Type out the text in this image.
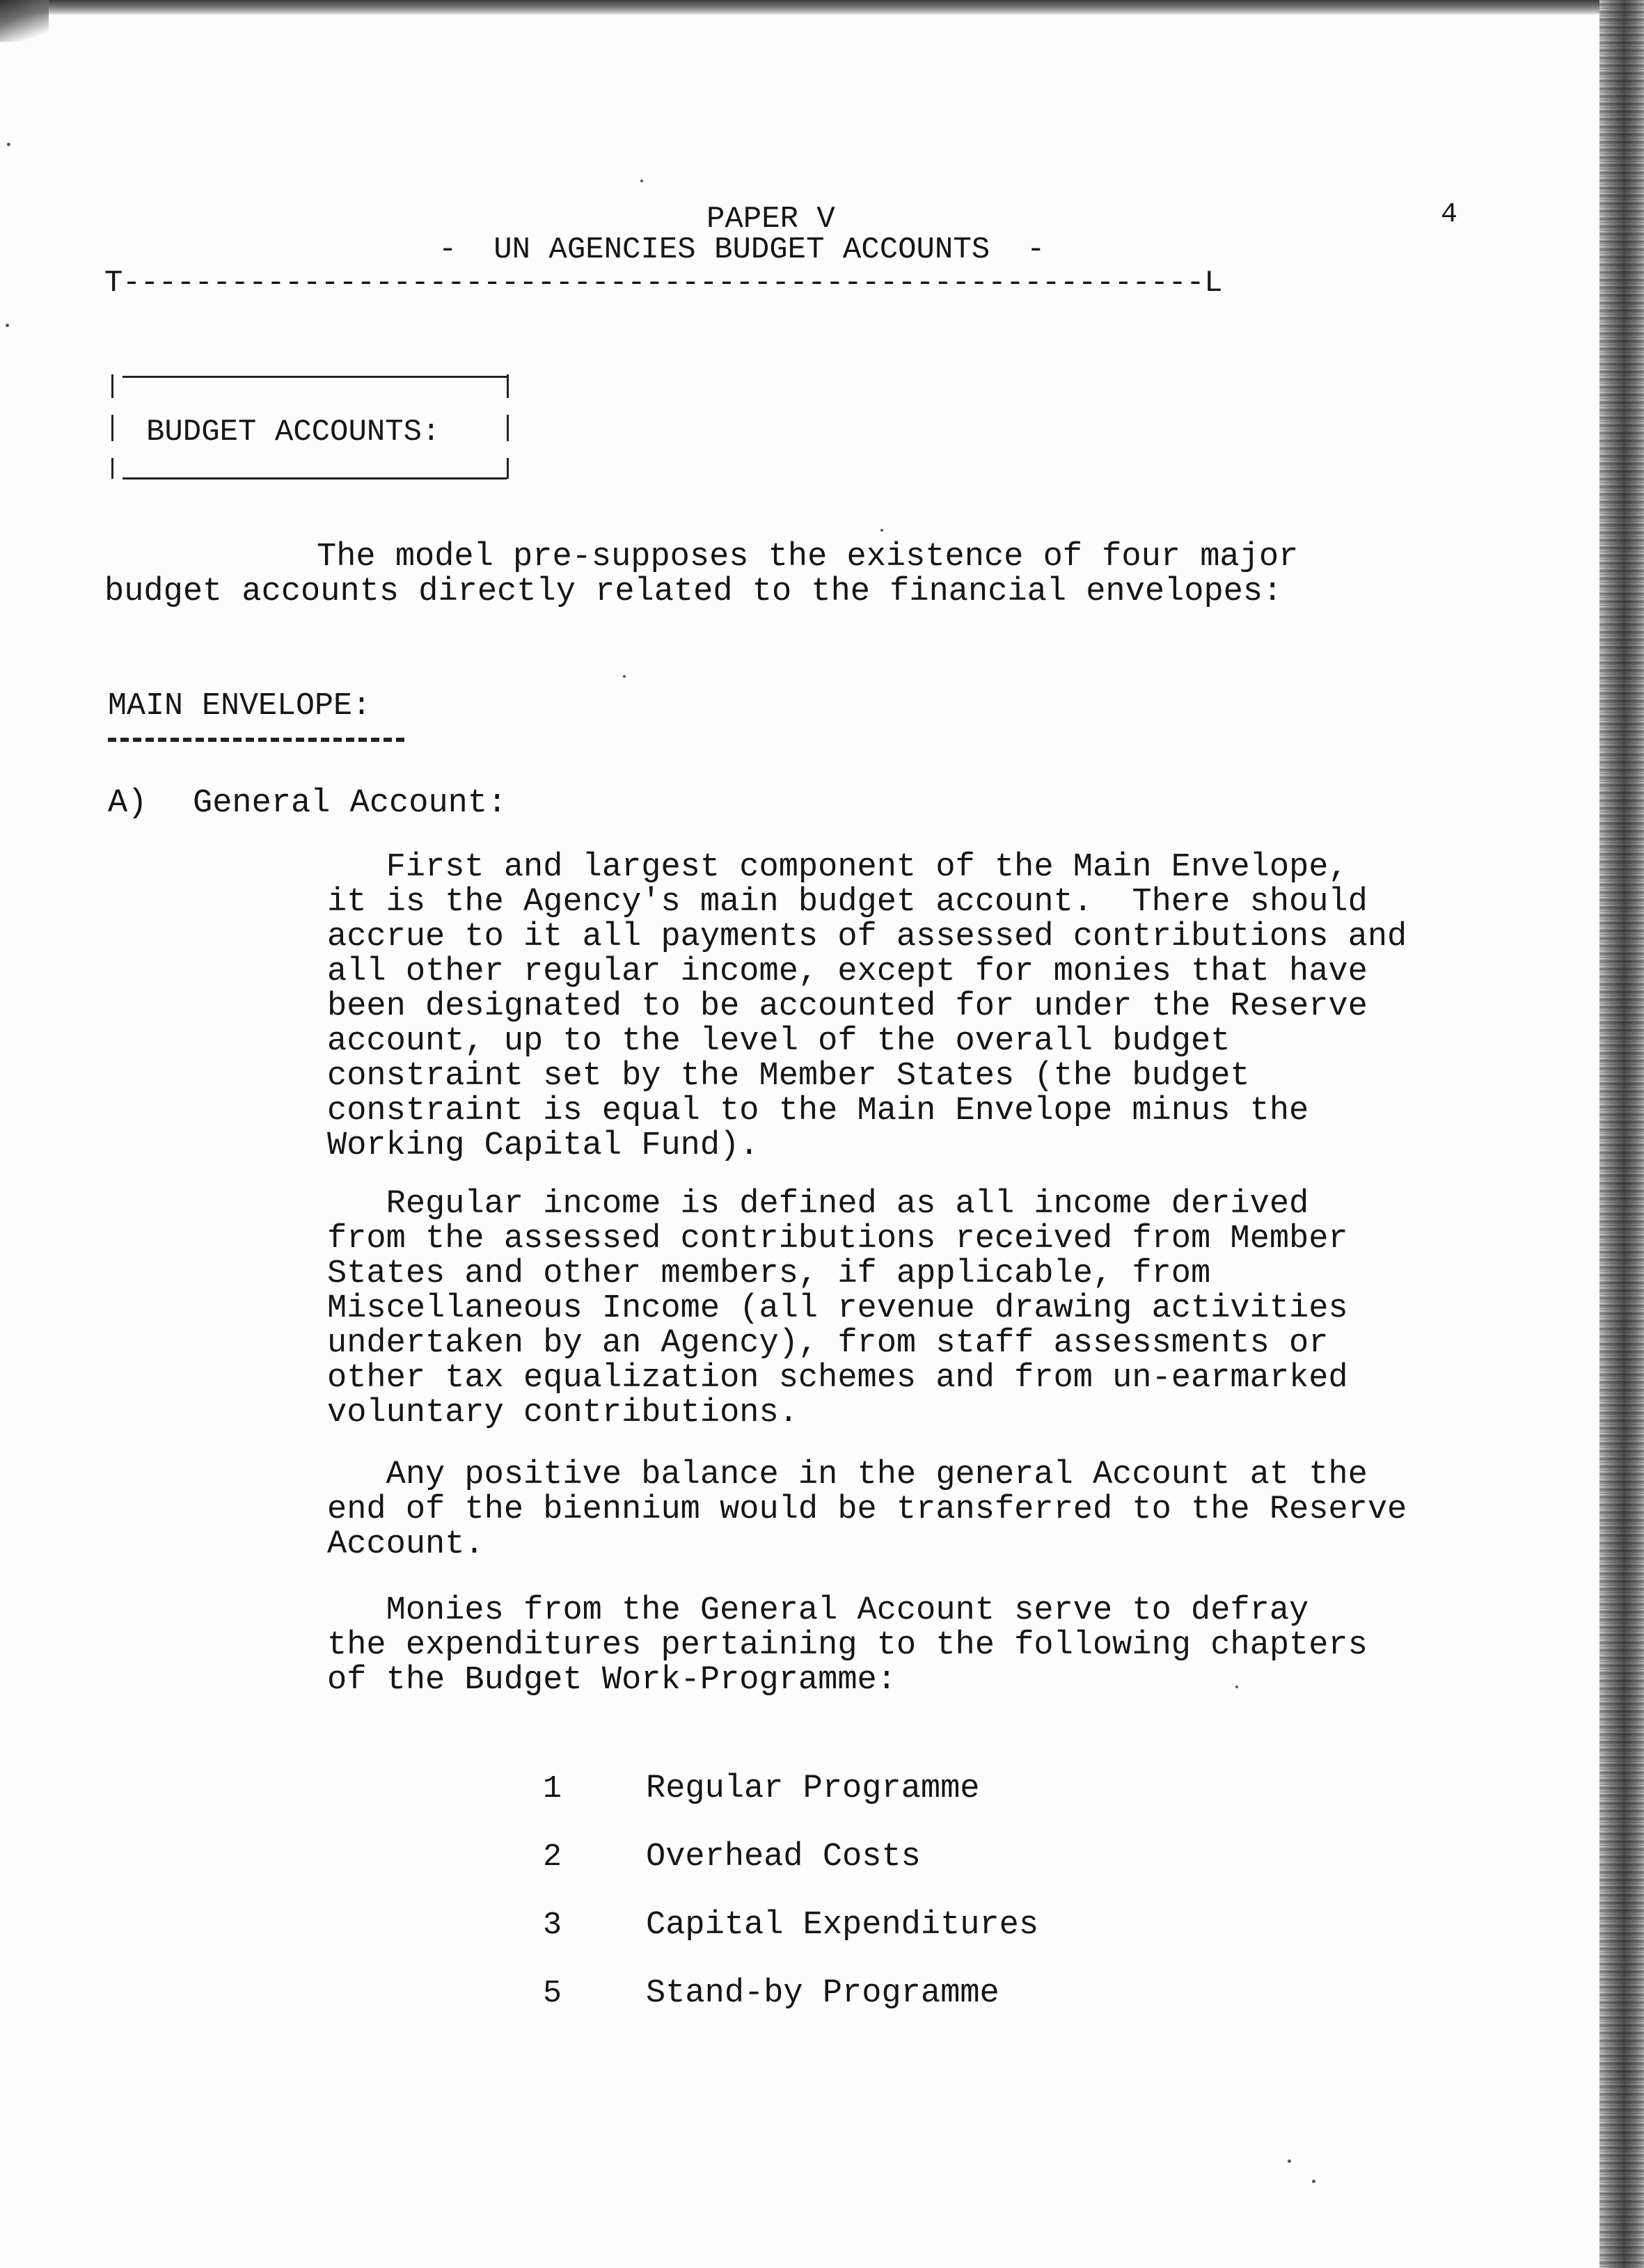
PAPER V	4
-  UN AGENCIES BUDGET ACCOUNTS  -
T------------------------------------------------------------L
BUDGET ACCOUNTS:
The model pre-supposes the existence of four major
budget accounts directly related to the financial envelopes:
MAIN ENVELOPE:
A) General Account:
First and largest component of the Main Envelope,
it is the Agency's main budget account.  There should
accrue to it all payments of assessed contributions and
all other regular income, except for monies that have
been designated to be accounted for under the Reserve
account, up to the level of the overall budget
constraint set by the Member States (the budget
constraint is equal to the Main Envelope minus the
Working Capital Fund).
Regular income is defined as all income derived
from the assessed contributions received from Member
States and other members, if applicable, from
Miscellaneous Income (all revenue drawing activities
undertaken by an Agency), from staff assessments or
other tax equalization schemes and from un-earmarked
voluntary contributions.
Any positive balance in the general Account at the
end of the biennium would be transferred to the Reserve
Account.
Monies from the General Account serve to defray
the expenditures pertaining to the following chapters
of the Budget Work-Programme:
1	Regular Programme
2	Overhead Costs
3	Capital Expenditures
5	Stand-by Programme
